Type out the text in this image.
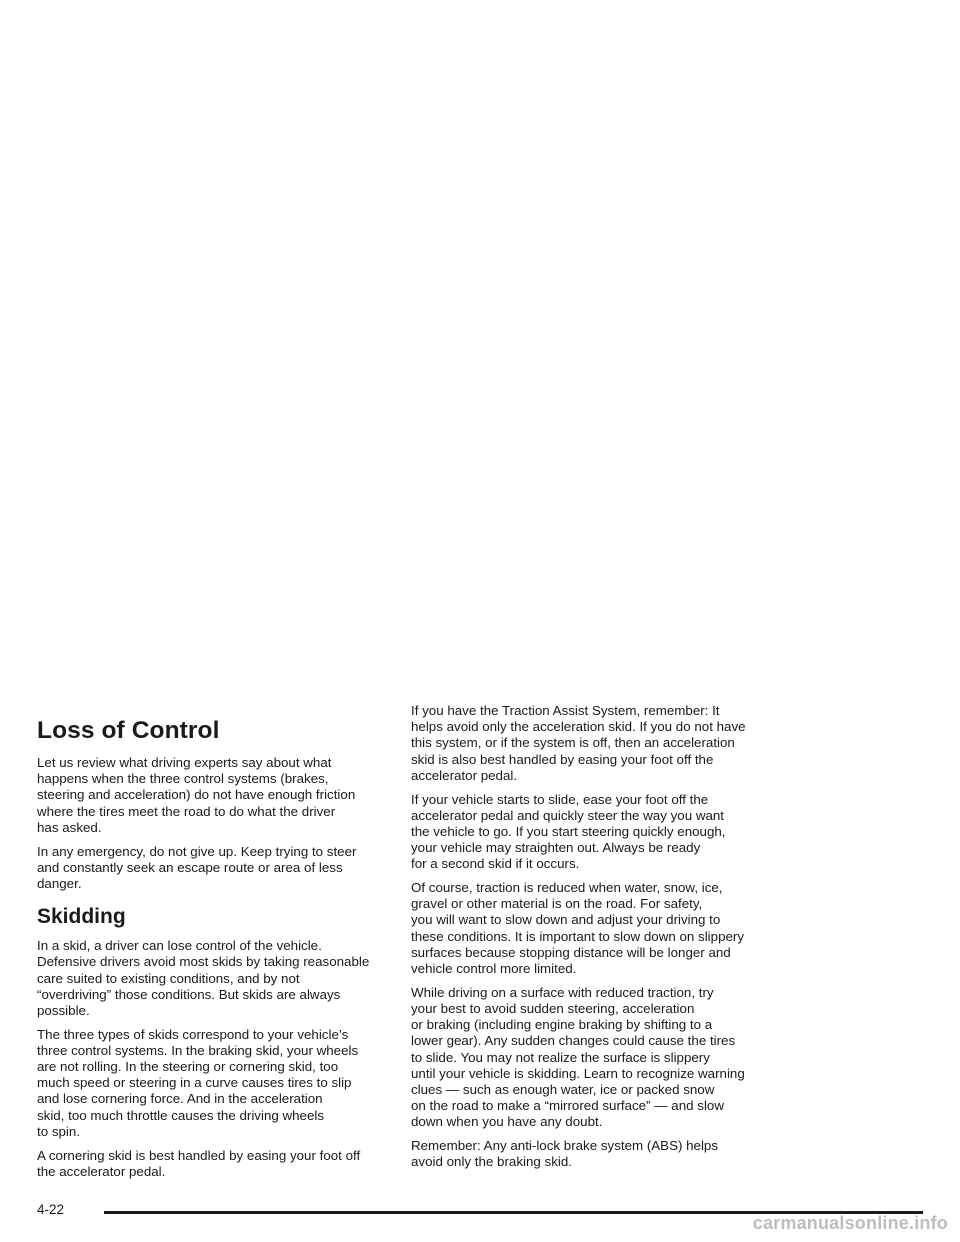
Loss of Control

Let us review what driving experts say about what
happens when the three control systems (brakes,
steering and acceleration) do not have enough friction
where the tires meet the road to do what the driver
has asked.

In any emergency, do not give up. Keep trying to steer
and constantly seek an escape route or area of less
danger.

Skidding

In a skid, a driver can lose control of the vehicle.
Defensive drivers avoid most skids by taking reasonable
care suited to existing conditions, and by not
“overdriving” those conditions. But skids are always
possible.

The three types of skids correspond to your vehicle’s
three control systems. In the braking skid, your wheels
are not rolling. In the steering or cornering skid, too
much speed or steering in a curve causes tires to slip
and lose cornering force. And in the acceleration
skid, too much throttle causes the driving wheels
to spin.

A cornering skid is best handled by easing your foot off
the accelerator pedal.

If you have the Traction Assist System, remember: It
helps avoid only the acceleration skid. If you do not have
this system, or if the system is off, then an acceleration
skid is also best handled by easing your foot off the
accelerator pedal.

If your vehicle starts to slide, ease your foot off the
accelerator pedal and quickly steer the way you want
the vehicle to go. If you start steering quickly enough,
your vehicle may straighten out. Always be ready
for a second skid if it occurs.

Of course, traction is reduced when water, snow, ice,
gravel or other material is on the road. For safety,
you will want to slow down and adjust your driving to
these conditions. It is important to slow down on slippery
surfaces because stopping distance will be longer and
vehicle control more limited.

While driving on a surface with reduced traction, try
your best to avoid sudden steering, acceleration
or braking (including engine braking by shifting to a
lower gear). Any sudden changes could cause the tires
to slide. You may not realize the surface is slippery
until your vehicle is skidding. Learn to recognize warning
clues — such as enough water, ice or packed snow
on the road to make a “mirrored surface” — and slow
down when you have any doubt.

Remember: Any anti-lock brake system (ABS) helps
avoid only the braking skid.

4-22
carmanualsonline.info
